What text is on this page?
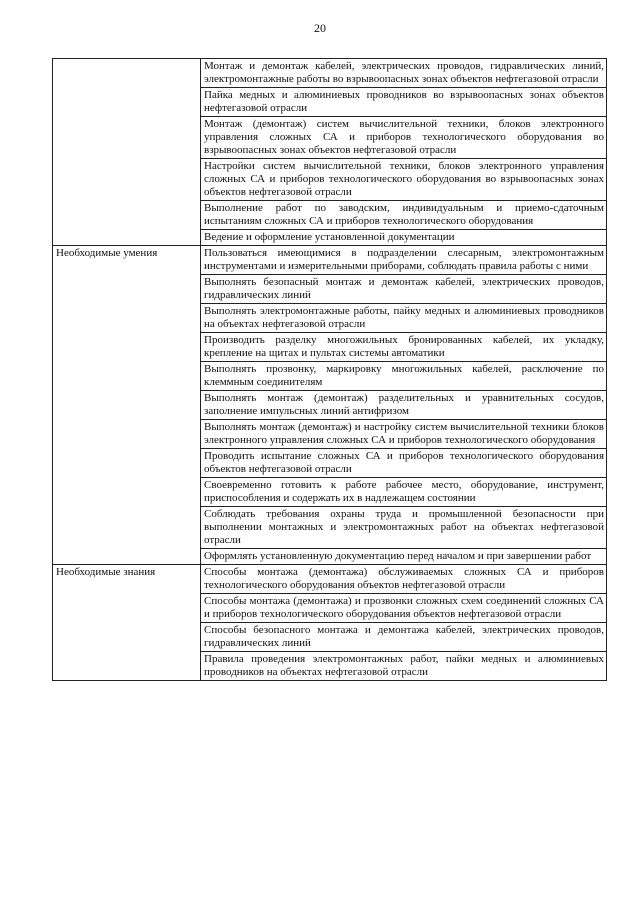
20
	Монтаж и демонтаж кабелей, электрических проводов, гидравлических линий, электромонтажные работы во взрывоопасных зонах объектов нефтегазовой отрасли
	Пайка медных и алюминиевых проводников во взрывоопасных зонах объектов нефтегазовой отрасли
	Монтаж (демонтаж) систем вычислительной техники, блоков электронного управления сложных СА и приборов технологического оборудования во взрывоопасных зонах объектов нефтегазовой отрасли
	Настройки систем вычислительной техники, блоков электронного управления сложных СА и приборов технологического оборудования во взрывоопасных зонах объектов нефтегазовой отрасли
	Выполнение работ по заводским, индивидуальным и приемо-сдаточным испытаниям сложных СА и приборов технологического оборудования
	Ведение и оформление установленной документации
Необходимые умения	Пользоваться имеющимися в подразделении слесарным, электромонтажным инструментами и измерительными приборами, соблюдать правила работы с ними
	Выполнять безопасный монтаж и демонтаж кабелей, электрических проводов, гидравлических линий
	Выполнять электромонтажные работы, пайку медных и алюминиевых проводников на объектах нефтегазовой отрасли
	Производить разделку многожильных бронированных кабелей, их укладку, крепление на щитах и пультах системы автоматики
	Выполнять прозвонку, маркировку многожильных кабелей, расключение по клеммным соединителям
	Выполнять монтаж (демонтаж) разделительных и уравнительных сосудов, заполнение импульсных линий антифризом
	Выполнять монтаж (демонтаж) и настройку систем вычислительной техники блоков электронного управления сложных СА и приборов технологического оборудования
	Проводить испытание сложных СА и приборов технологического оборудования объектов нефтегазовой отрасли
	Своевременно готовить к работе рабочее место, оборудование, инструмент, приспособления и содержать их в надлежащем состоянии
	Соблюдать требования охраны труда и промышленной безопасности при выполнении монтажных и электромонтажных работ на объектах нефтегазовой отрасли
	Оформлять установленную документацию перед началом и при завершении работ
Необходимые знания	Способы монтажа (демонтажа) обслуживаемых сложных СА и приборов технологического оборудования объектов нефтегазовой отрасли
	Способы монтажа (демонтажа) и прозвонки сложных схем соединений сложных СА и приборов технологического оборудования объектов нефтегазовой отрасли
	Способы безопасного монтажа и демонтажа кабелей, электрических проводов, гидравлических линий
	Правила проведения электромонтажных работ, пайки медных и алюминиевых проводников на объектах нефтегазовой отрасли
